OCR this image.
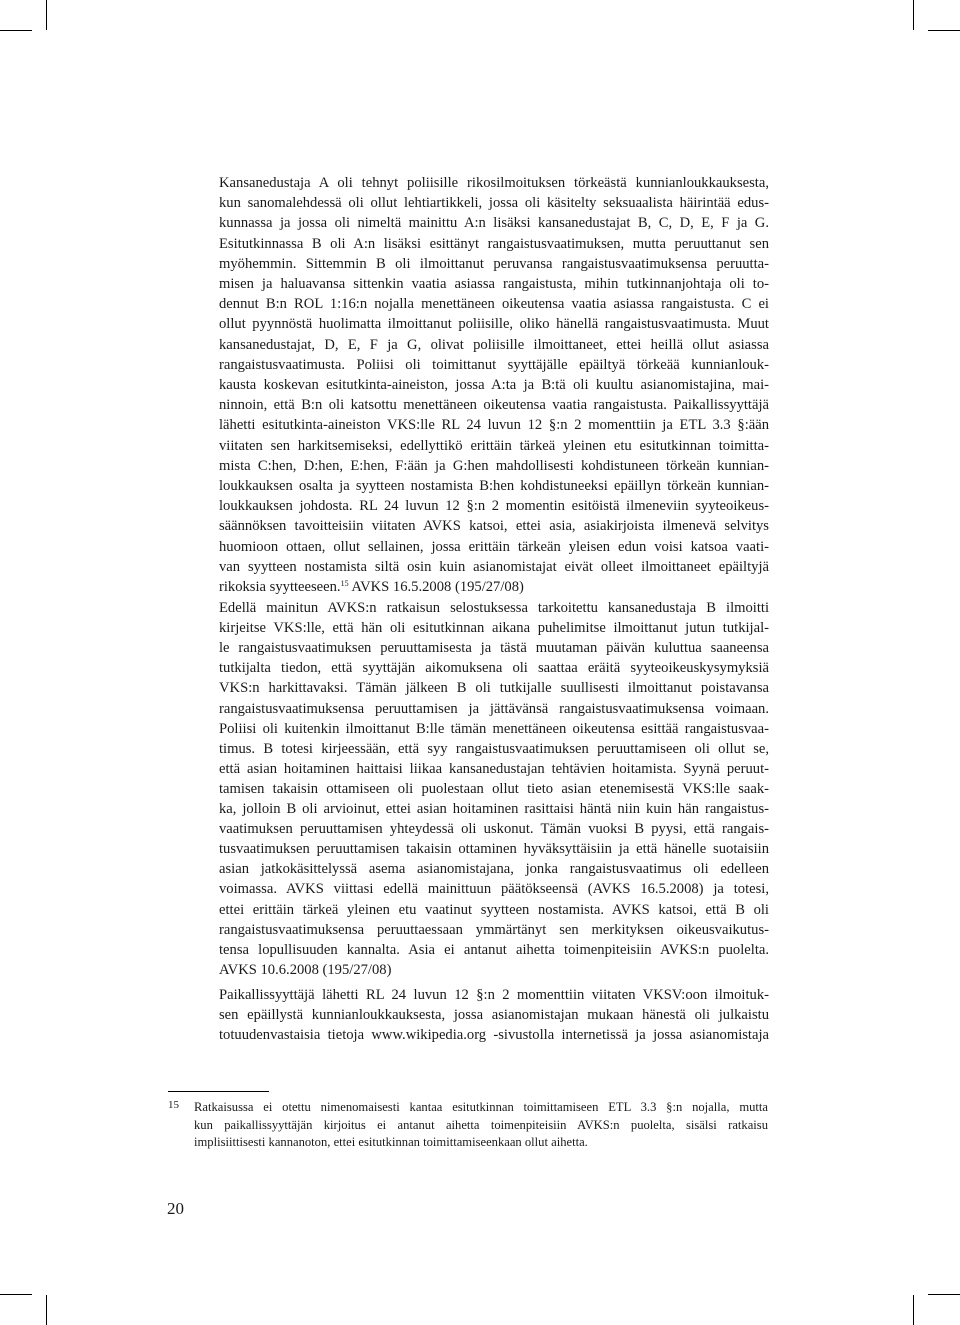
Kansanedustaja A oli tehnyt poliisille rikosilmoituksen törkeästä kunnianloukkauksesta,
kun sanomalehdessä oli ollut lehtiartikkeli, jossa oli käsitelty seksuaalista häirintää edus-
kunnassa ja jossa oli nimeltä mainittu A:n lisäksi kansanedustajat B, C, D, E, F ja G.
Esitutkinnassa B oli A:n lisäksi esittänyt rangaistusvaatimuksen, mutta peruuttanut sen
myöhemmin. Sittemmin B oli ilmoittanut peruvansa rangaistusvaatimuksensa peruutta-
misen ja haluavansa sittenkin vaatia asiassa rangaistusta, mihin tutkinnanjohtaja oli to-
dennut B:n ROL 1:16:n nojalla menettäneen oikeutensa vaatia asiassa rangaistusta. C ei
ollut pyynnöstä huolimatta ilmoittanut poliisille, oliko hänellä rangaistusvaatimusta. Muut
kansanedustajat, D, E, F ja G, olivat poliisille ilmoittaneet, ettei heillä ollut asiassa
rangaistusvaatimusta. Poliisi oli toimittanut syyttäjälle epäiltyä törkeää kunnianlouk-
kausta koskevan esitutkinta-aineiston, jossa A:ta ja B:tä oli kuultu asianomistajina, mai-
ninnoin, että B:n oli katsottu menettäneen oikeutensa vaatia rangaistusta. Paikallissyyttäjä
lähetti esitutkinta-aineiston VKS:lle RL 24 luvun 12 §:n 2 momenttiin ja ETL 3.3 §:ään
viitaten sen harkitsemiseksi, edellyttikö erittäin tärkeä yleinen etu esitutkinnan toimitta-
mista C:hen, D:hen, E:hen, F:ään ja G:hen mahdollisesti kohdistuneen törkeän kunnian-
loukkauksen osalta ja syytteen nostamista B:hen kohdistuneeksi epäillyn törkeän kunnian-
loukkauksen johdosta. RL 24 luvun 12 §:n 2 momentin esitöistä ilmeneviin syyteoikeus-
säännöksen tavoitteisiin viitaten AVKS katsoi, ettei asia, asiakirjoista ilmenevä selvitys
huomioon ottaen, ollut sellainen, jossa erittäin tärkeän yleisen edun voisi katsoa vaati-
van syytteen nostamista siltä osin kuin asianomistajat eivät olleet ilmoittaneet epäiltyjä
rikoksia syytteeseen.$^{15}$ AVKS 16.5.2008 (195/27/08)
Edellä mainitun AVKS:n ratkaisun selostuksessa tarkoitettu kansanedustaja B ilmoitti
kirjeitse VKS:lle, että hän oli esitutkinnan aikana puhelimitse ilmoittanut jutun tutkijal-
le rangaistusvaatimuksen peruuttamisesta ja tästä muutaman päivän kuluttua saaneensa
tutkijalta tiedon, että syyttäjän aikomuksena oli saattaa eräitä syyteoikeuskysymyksiä
VKS:n harkittavaksi. Tämän jälkeen B oli tutkijalle suullisesti ilmoittanut poistavansa
rangaistusvaatimuksensa peruuttamisen ja jättävänsä rangaistusvaatimuksensa voimaan.
Poliisi oli kuitenkin ilmoittanut B:lle tämän menettäneen oikeutensa esittää rangaistusvaa-
timus. B totesi kirjeessään, että syy rangaistusvaatimuksen peruuttamiseen oli ollut se,
että asian hoitaminen haittaisi liikaa kansanedustajan tehtävien hoitamista. Syynä peruut-
tamisen takaisin ottamiseen oli puolestaan ollut tieto asian etenemisestä VKS:lle saak-
ka, jolloin B oli arvioinut, ettei asian hoitaminen rasittaisi häntä niin kuin hän rangaistus-
vaatimuksen peruuttamisen yhteydessä oli uskonut. Tämän vuoksi B pyysi, että rangais-
tusvaatimuksen peruuttamisen takaisin ottaminen hyväksyttäisiin ja että hänelle suotaisiin
asian jatkokäsittelyssä asema asianomistajana, jonka rangaistusvaatimus oli edelleen
voimassa. AVKS viittasi edellä mainittuun päätökseensä (AVKS 16.5.2008) ja totesi,
ettei erittäin tärkeä yleinen etu vaatinut syytteen nostamista. AVKS katsoi, että B oli
rangaistusvaatimuksensa peruuttaessaan ymmärtänyt sen merkityksen oikeusvaikutus-
tensa lopullisuuden kannalta. Asia ei antanut aihetta toimenpiteisiin AVKS:n puolelta.
AVKS 10.6.2008 (195/27/08)
Paikallissyyttäjä lähetti RL 24 luvun 12 §:n 2 momenttiin viitaten VKSV:oon ilmoituk-
sen epäillystä kunnianloukkauksesta, jossa asianomistajan mukaan hänestä oli julkaistu
totuudenvastaisia tietoja www.wikipedia.org -sivustolla internetissä ja jossa asianomistaja
15 Ratkaisussa ei otettu nimenomaisesti kantaa esitutkinnan toimittamiseen ETL 3.3 §:n nojalla, mutta
kun paikallissyyttäjän kirjoitus ei antanut aihetta toimenpiteisiin AVKS:n puolelta, sisälsi ratkaisu
implisiittisesti kannanoton, ettei esitutkinnan toimittamiseenkaan ollut aihetta.
20
